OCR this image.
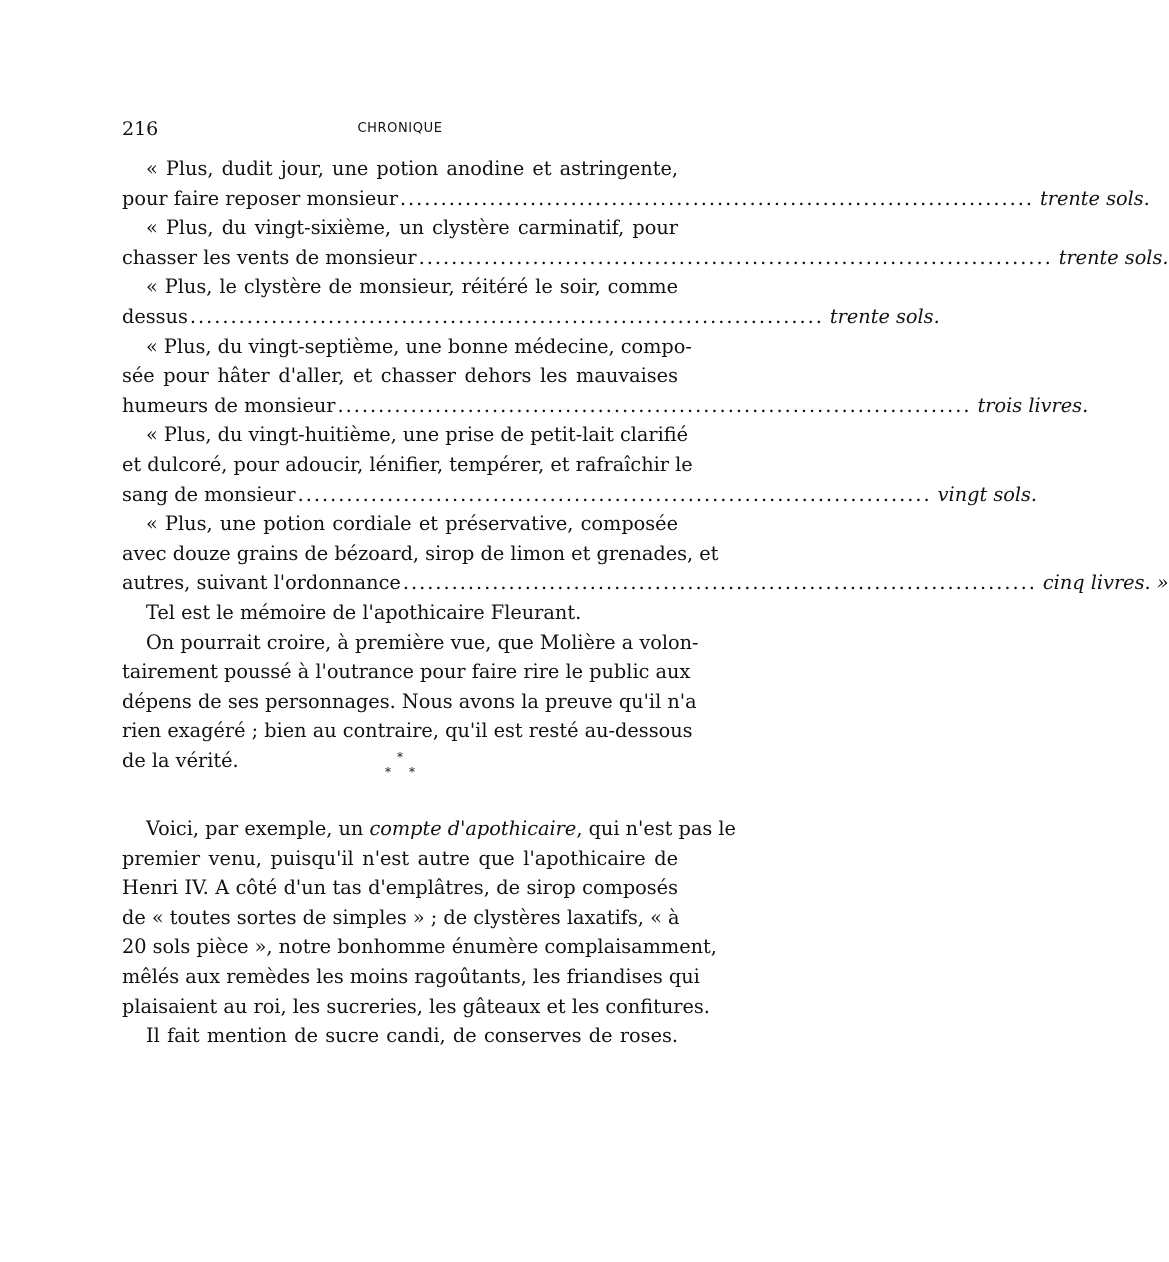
216	CHRONIQUE
« Plus, dudit jour, une potion anodine et astringente,
pour faire reposer monsieur .............................................................................. trente sols.
« Plus, du vingt-sixième, un clystère carminatif, pour
chasser les vents de monsieur .............................................................................. trente sols.
« Plus, le clystère de monsieur, réitéré le soir, comme
dessus .............................................................................. trente sols.
« Plus, du vingt-septième, une bonne médecine, compo-
sée pour hâter d'aller, et chasser dehors les mauvaises
humeurs de monsieur .............................................................................. trois livres.
« Plus, du vingt-huitième, une prise de petit-lait clarifié
et dulcoré, pour adoucir, lénifier, tempérer, et rafraîchir le
sang de monsieur .............................................................................. vingt sols.
« Plus, une potion cordiale et préservative, composée
avec douze grains de bézoard, sirop de limon et grenades, et
autres, suivant l'ordonnance .............................................................................. cinq livres. »
Tel est le mémoire de l'apothicaire Fleurant.
On pourrait croire, à première vue, que Molière a volon-
tairement poussé à l'outrance pour faire rire le public aux
dépens de ses personnages. Nous avons la preuve qu'il n'a
rien exagéré ; bien au contraire, qu'il est resté au-dessous
de la vérité.	*
*	*
Voici, par exemple, un compte d'apothicaire, qui n'est pas le
premier venu, puisqu'il n'est autre que l'apothicaire de
Henri IV. A côté d'un tas d'emplâtres, de sirop composés
de « toutes sortes de simples » ; de clystères laxatifs, « à
20 sols pièce », notre bonhomme énumère complaisamment,
mêlés aux remèdes les moins ragoûtants, les friandises qui
plaisaient au roi, les sucreries, les gâteaux et les confitures.
Il fait mention de sucre candi, de conserves de roses.
